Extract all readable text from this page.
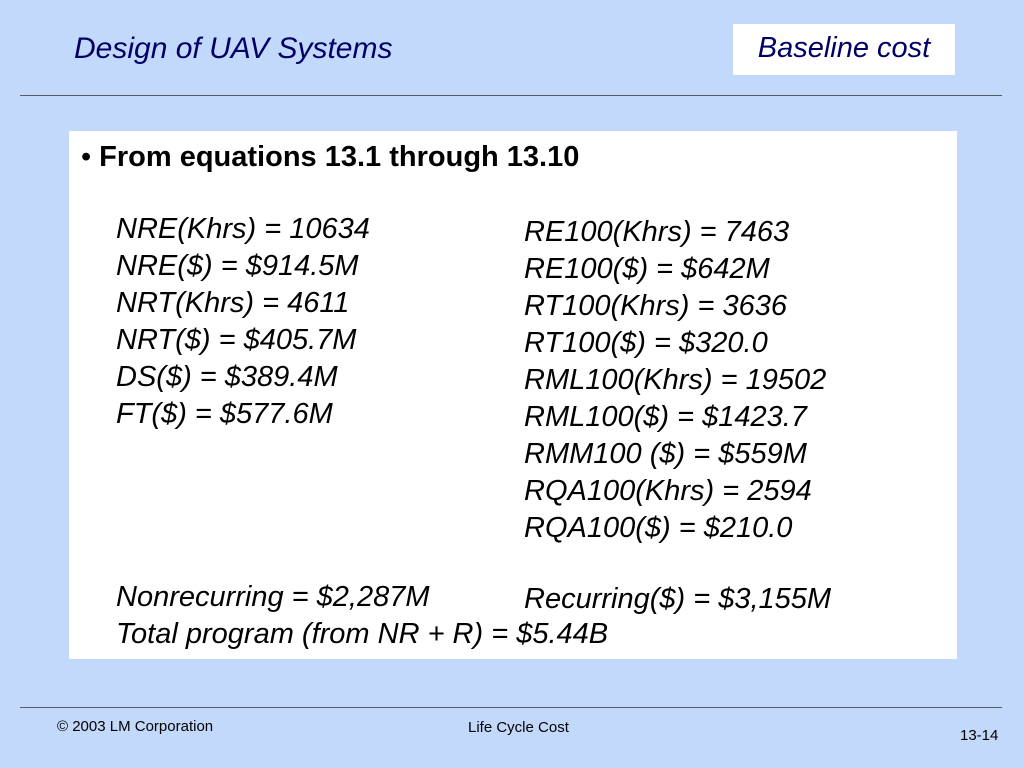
Design of UAV Systems	Baseline cost
• From equations 13.1 through 13.10
NRE(Khrs) = 10634
NRE($) = $914.5M
NRT(Khrs) = 4611
NRT($) = $405.7M
DS($) = $389.4M
FT($) = $577.6M
RE100(Khrs) = 7463
RE100($) = $642M
RT100(Khrs) = 3636
RT100($) = $320.0
RML100(Khrs) = 19502
RML100($) = $1423.7
RMM100 ($) = $559M
RQA100(Khrs) = 2594
RQA100($) = $210.0
Nonrecurring = $2,287M	Recurring($) = $3,155M
Total program (from NR + R) = $5.44B
© 2003 LM Corporation	Life Cycle Cost	13-14
